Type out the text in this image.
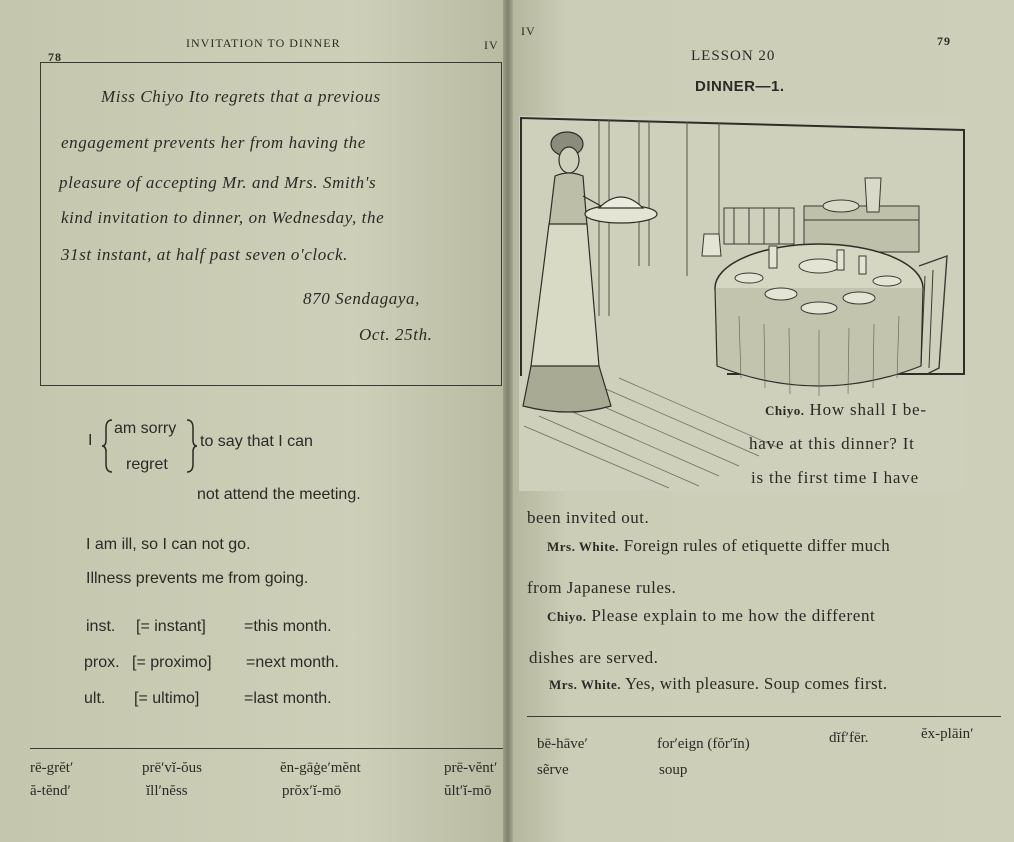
78
INVITATION TO DINNER	IV
Miss Chiyo Ito regrets that a previous
engagement prevents her from having the
pleasure of accepting Mr. and Mrs. Smith's
kind invitation to dinner, on Wednesday, the
31st instant, at half past seven o'clock.
870 Sendagaya,
Oct. 25th.
I
am sorry
regret
to say that I can
not attend the meeting.
I am ill, so I can not go.
Illness prevents me from going.
inst. [= instant] =this month.
prox. [= proximo] =next month.
ult. [= ultimo]	=last month.
rē-grĕt′	prē′vĭ-ŏus	ĕn-gāġe′mĕnt	prē-vĕnt′
ă-tĕnd′	ĭll′nĕss	prŏx′ĭ-mō	ŭlt′ĭ-mō
IV
79
LESSON 20
DINNER—1.
Chiyo. How shall I be-
have at this dinner? It
is the first time I have
been invited out.
Mrs. White. Foreign rules of etiquette differ much
from Japanese rules.
Chiyo. Please explain to me how the different
dishes are served.
Mrs. White. Yes, with pleasure. Soup comes first.
bē-hāve′	for′eign (fŏr′ĭn)	dĭf′fēr.	ĕx-plāin′
sẽrve	soup
